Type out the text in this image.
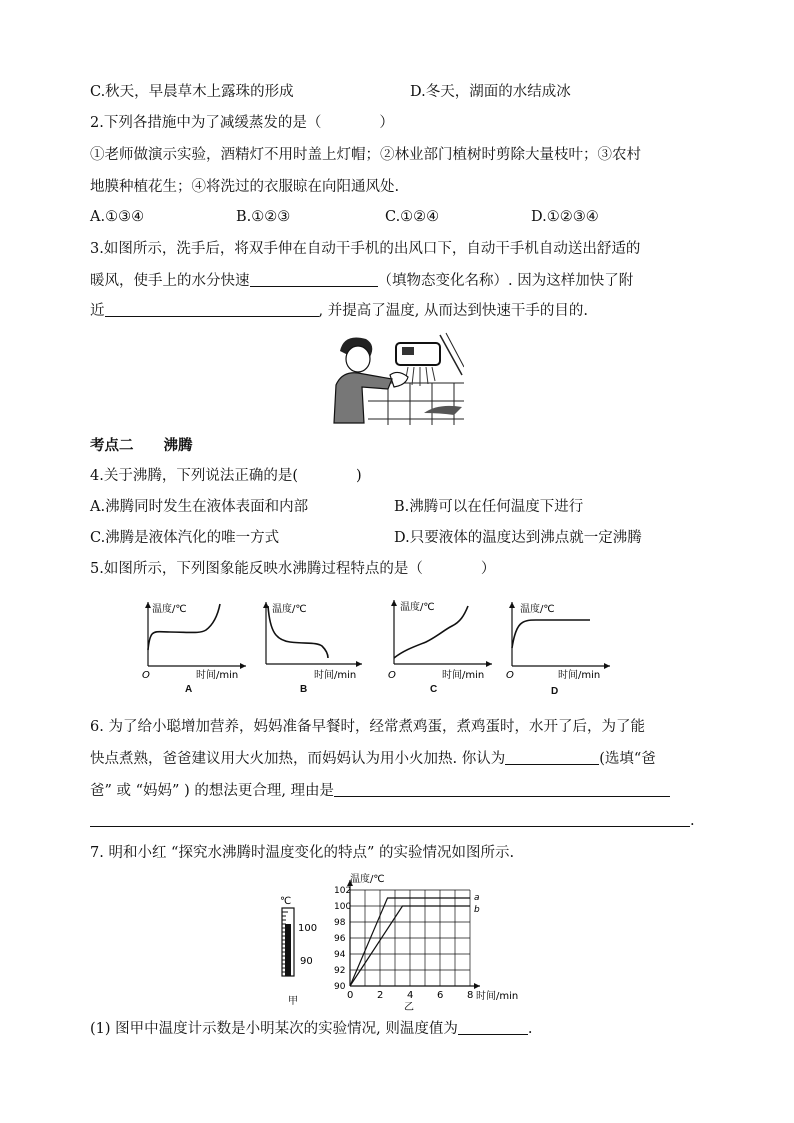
C.秋天，早晨草木上露珠的形成	D.冬天，湖面的水结成冰
2.下列各措施中为了减缓蒸发的是（　　　　）
①老师做演示实验，酒精灯不用时盖上灯帽；②林业部门植树时剪除大量枝叶；③农村
地膜种植花生；④将洗过的衣服晾在向阳通风处.
A.①③④	B.①②③	C.①②④	D.①②③④
3.如图所示，洗手后，将双手伸在自动干手机的出风口下，自动干手机自动送出舒适的
暖风，使手上的水分快速	（填物态变化名称）. 因为这样加快了附
近	, 并提高了温度, 从而达到快速干手的目的.
考点二 沸腾
4.关于沸腾，下列说法正确的是(　　　　)
A.沸腾同时发生在液体表面和内部	B.沸腾可以在任何温度下进行
C.沸腾是液体汽化的唯一方式	D.只要液体的温度达到沸点就一定沸腾
5.如图所示，下列图象能反映水沸腾过程特点的是（　　　　）
温度/℃
时间/min
O
A
温度/℃
时间/min
B
温度/℃
时间/min
O
C
温度/℃
时间/min
O
D
6. 为了给小聪增加营养，妈妈准备早餐时，经常煮鸡蛋，煮鸡蛋时，水开了后，为了能
快点煮熟，爸爸建议用大火加热，而妈妈认为用小火加热. 你认为	(选填“爸
爸” 或 “妈妈” ) 的想法更合理, 理由是
.
7. 明和小红 “探究水沸腾时温度变化的特点” 的实验情况如图所示.
℃
100
90
甲
0 2 4 6 8
90
92
94
96
98
100
102
a
b
温度/℃
时间/min
乙
(1) 图甲中温度计示数是小明某次的实验情况, 则温度值为	.
